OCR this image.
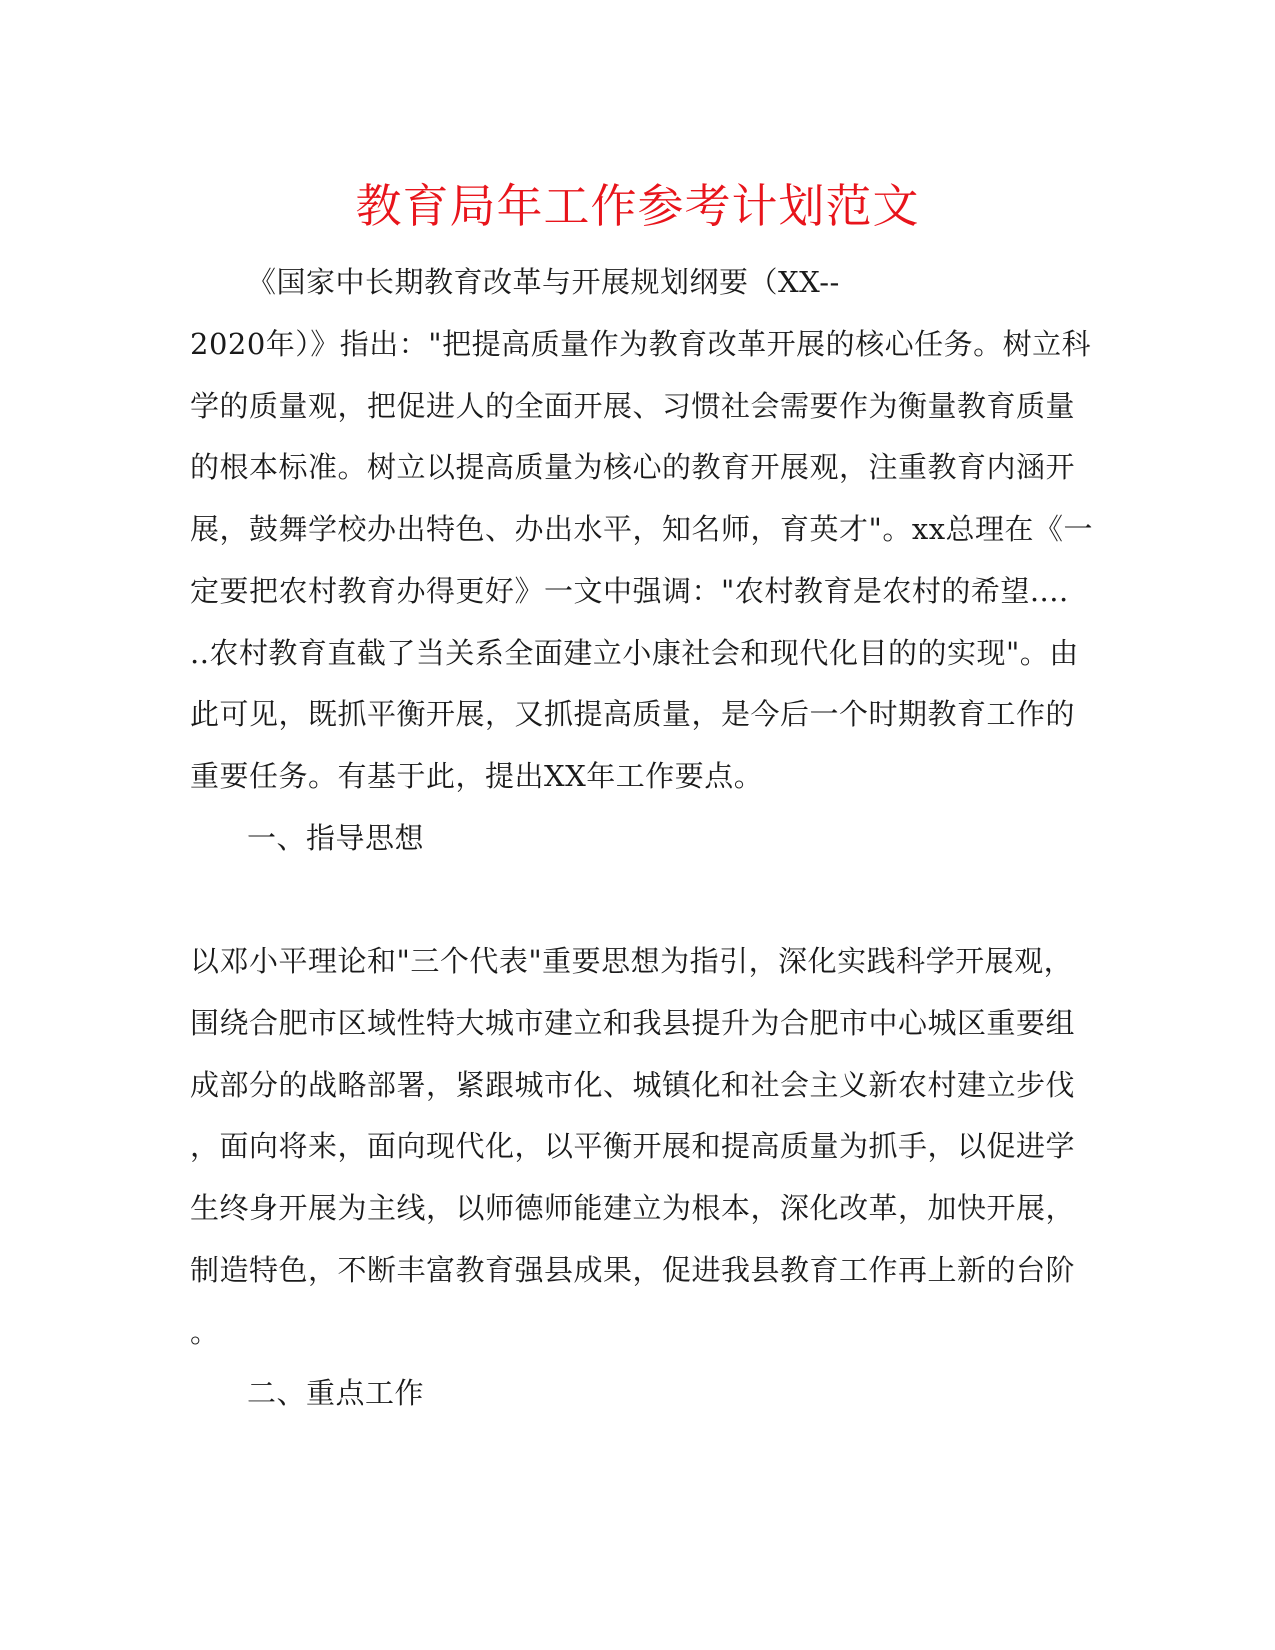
教育局年工作参考计划范文
《国家中长期教育改革与开展规划纲要（XX--
2020年）》指出："把提高质量作为教育改革开展的核心任务。树立科
学的质量观，把促进人的全面开展、习惯社会需要作为衡量教育质量
的根本标准。树立以提高质量为核心的教育开展观，注重教育内涵开
展，鼓舞学校办出特色、办出水平，知名师，育英才"。xx总理在《一
定要把农村教育办得更好》一文中强调："农村教育是农村的希望....
..农村教育直截了当关系全面建立小康社会和现代化目的的实现"。由
此可见，既抓平衡开展，又抓提高质量，是今后一个时期教育工作的
重要任务。有基于此，提出XX年工作要点。
一、指导思想
以邓小平理论和"三个代表"重要思想为指引，深化实践科学开展观，
围绕合肥市区域性特大城市建立和我县提升为合肥市中心城区重要组
成部分的战略部署，紧跟城市化、城镇化和社会主义新农村建立步伐
，面向将来，面向现代化，以平衡开展和提高质量为抓手，以促进学
生终身开展为主线，以师德师能建立为根本，深化改革，加快开展，
制造特色，不断丰富教育强县成果，促进我县教育工作再上新的台阶
。
二、重点工作
